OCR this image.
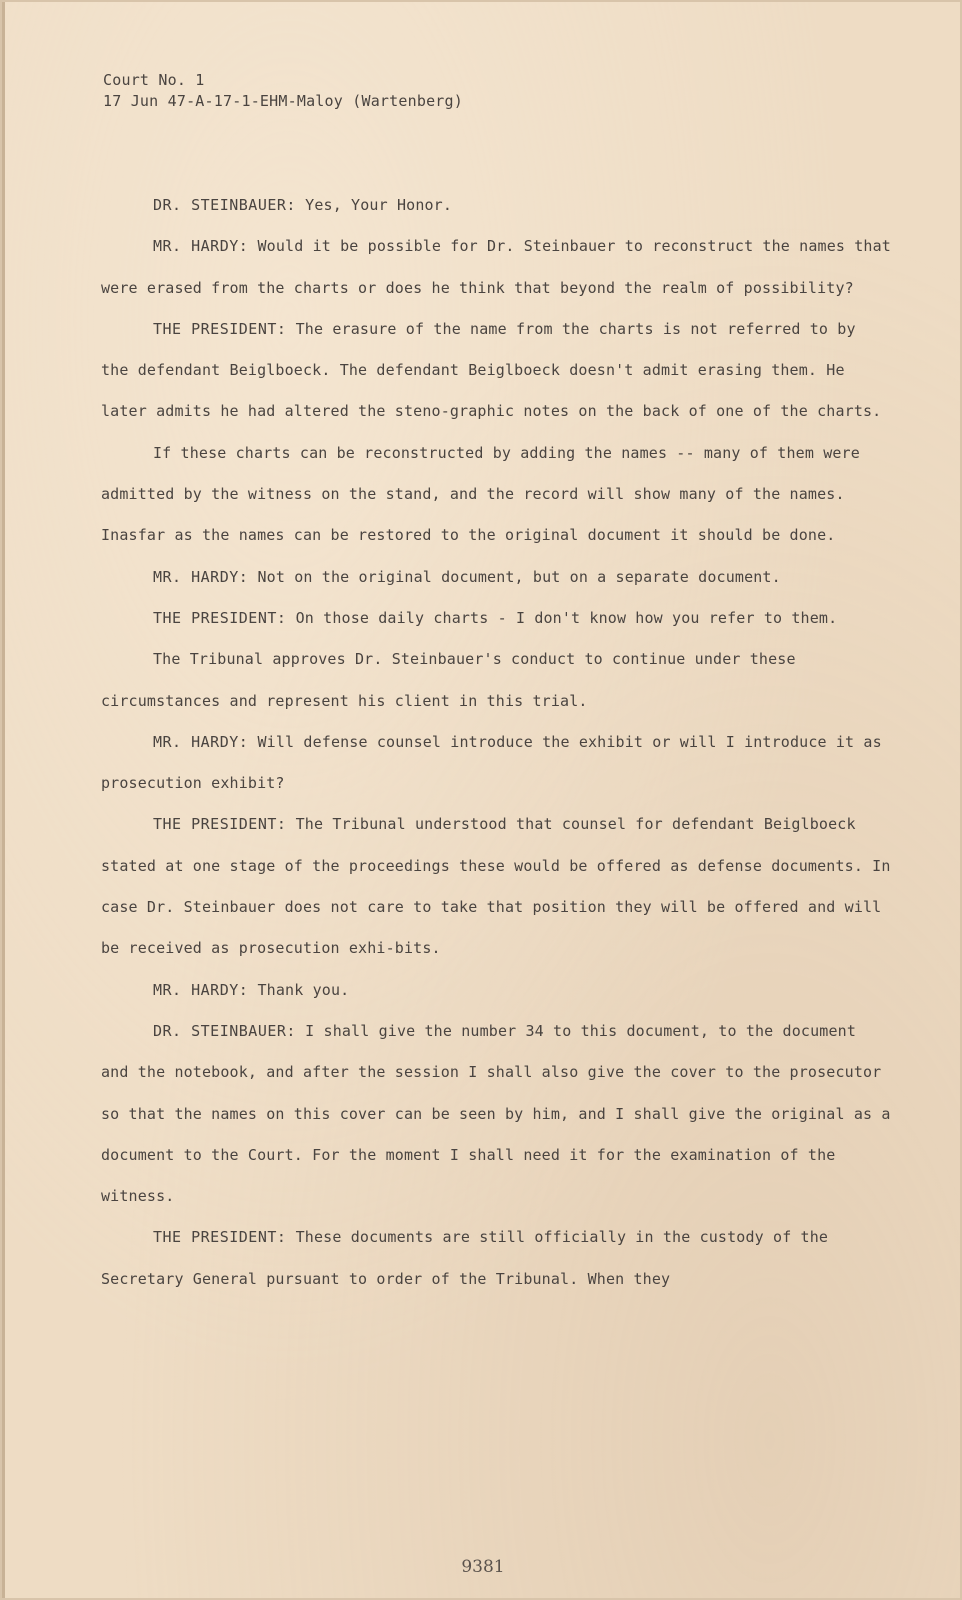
Court No. 1
17 Jun 47-A-17-1-EHM-Maloy (Wartenberg)

DR. STEINBAUER: Yes, Your Honor.

MR. HARDY: Would it be possible for Dr. Steinbauer to reconstruct the names that were erased from the charts or does he think that beyond the realm of possibility?

THE PRESIDENT: The erasure of the name from the charts is not referred to by the defendant Beiglboeck. The defendant Beiglboeck doesn't admit erasing them. He later admits he had altered the steno-graphic notes on the back of one of the charts.

If these charts can be reconstructed by adding the names -- many of them were admitted by the witness on the stand, and the record will show many of the names. Inasfar as the names can be restored to the original document it should be done.

MR. HARDY: Not on the original document, but on a separate document.

THE PRESIDENT: On those daily charts - I don't know how you refer to them.

The Tribunal approves Dr. Steinbauer's conduct to continue under these circumstances and represent his client in this trial.

MR. HARDY: Will defense counsel introduce the exhibit or will I introduce it as prosecution exhibit?

THE PRESIDENT: The Tribunal understood that counsel for defendant Beiglboeck stated at one stage of the proceedings these would be offered as defense documents. In case Dr. Steinbauer does not care to take that position they will be offered and will be received as prosecution exhi-bits.

MR. HARDY: Thank you.

DR. STEINBAUER: I shall give the number 34 to this document, to the document and the notebook, and after the session I shall also give the cover to the prosecutor so that the names on this cover can be seen by him, and I shall give the original as a document to the Court. For the moment I shall need it for the examination of the witness.

THE PRESIDENT: These documents are still officially in the custody of the Secretary General pursuant to order of the Tribunal. When they

9381
